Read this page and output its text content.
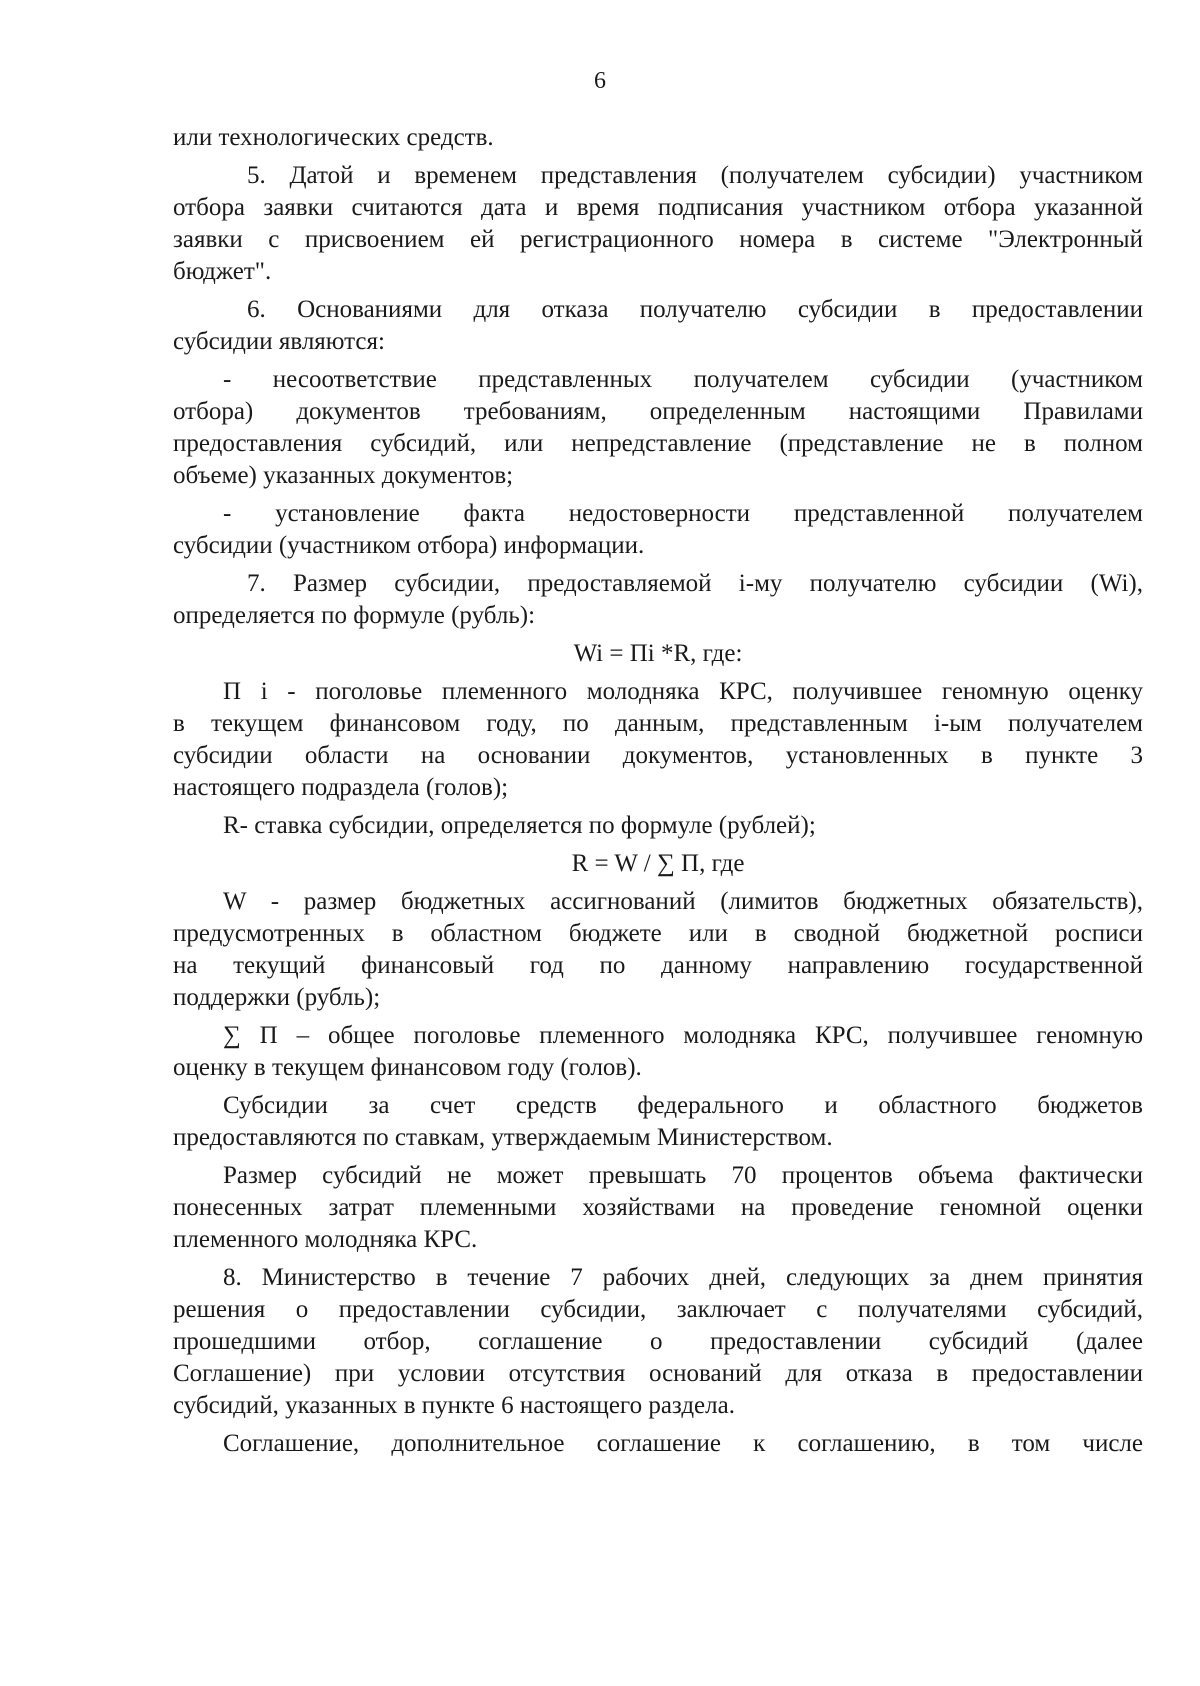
6

или технологических средств.

5. Датой и временем представления (получателем субсидии) участником

отбора заявки считаются дата и время подписания участником отбора указанной

заявки с присвоением ей регистрационного номера в системе "Электронный

бюджет".

6. Основаниями для отказа получателю субсидии в предоставлении

субсидии являются:

- несоответствие представленных получателем субсидии (участником

отбора) документов требованиям, определенным настоящими Правилами

предоставления субсидий, или непредставление (представление не в полном

объеме) указанных документов;

- установление факта недостоверности представленной получателем

субсидии (участником отбора) информации.

7. Размер субсидии, предоставляемой i-му получателю субсидии (Wi),

определяется по формуле (рубль):

Wi = Пi *R, где:

П i - поголовье племенного молодняка КРС, получившее геномную оценку

в текущем финансовом году, по данным, представленным i-ым получателем

субсидии области на основании документов, установленных в пункте 3

настоящего подраздела (голов);

R- ставка субсидии, определяется по формуле (рублей);

R = W / ∑ П, где

W - размер бюджетных ассигнований (лимитов бюджетных обязательств),

предусмотренных в областном бюджете или в сводной бюджетной росписи

на текущий финансовый год по данному направлению государственной

поддержки (рубль);

∑ П – общее поголовье племенного молодняка КРС, получившее геномную

оценку в текущем финансовом году (голов).

Субсидии за счет средств федерального и областного бюджетов

предоставляются по ставкам, утверждаемым Министерством.

Размер субсидий не может превышать 70 процентов объема фактически

понесенных затрат племенными хозяйствами на проведение геномной оценки

племенного молодняка КРС.

8. Министерство в течение 7 рабочих дней, следующих за днем принятия

решения о предоставлении субсидии, заключает с получателями субсидий,

прошедшими отбор, соглашение о предоставлении субсидий (далее

Соглашение) при условии отсутствия оснований для отказа в предоставлении

субсидий, указанных в пункте 6 настоящего раздела.

Соглашение, дополнительное соглашение к соглашению, в том числе
